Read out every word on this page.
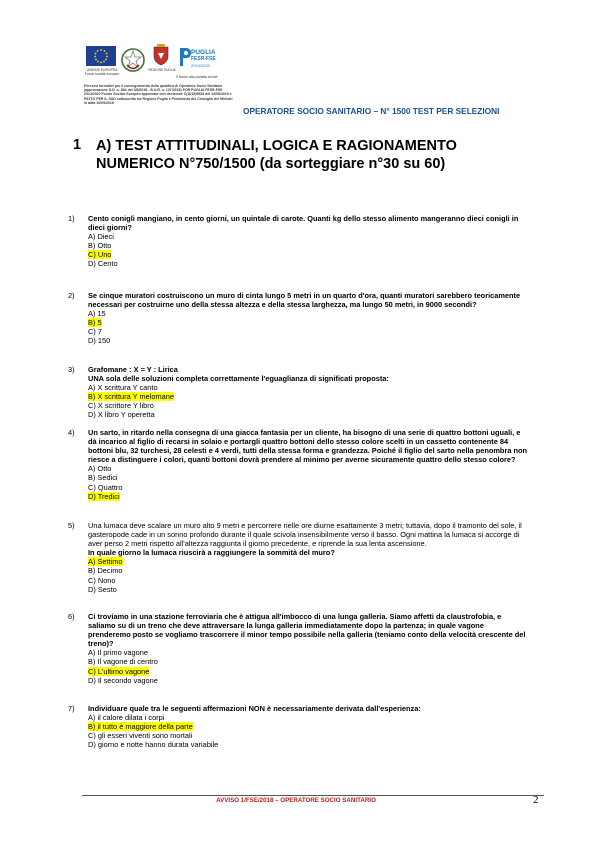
UNIONE EUROPEA Fondo sociale europeo
REGIONE PUGLIA
PUGLIA
FESR-FSE
2014/2020
Il futuro alla portata di tutti
Percorsi formativi per il conseguimento della qualifica di Operatore Socio Sanitario (approvazione D.D. n. 864 del 3/8/2018 - B.U.R. n. 107/2018) POR PUGLIA FESR-FSE 2014/2020 Fondo Sociale Europeo approvato con decisione C(2015)5854 del 13/08/2015 e PATTO PER IL SUD sottoscritto tra Regione Puglia e Presidenza del Consiglio dei Ministri in data 10/09/2016
OPERATORE SOCIO SANITARIO – N° 1500 TEST PER SELEZIONI
1 A) TEST ATTITUDINALI, LOGICA E RAGIONAMENTO NUMERICO N°750/1500 (da sorteggiare n°30 su 60)
1)	Cento conigli mangiano, in cento giorni, un quintale di carote. Quanti kg dello stesso alimento mangeranno dieci conigli in dieci giorni?
A) Dieci
B) Otto
C) Uno
D) Cento
2)	Se cinque muratori costruiscono un muro di cinta lungo 5 metri in un quarto d'ora, quanti muratori sarebbero teoricamente necessari per costruirne uno della stessa altezza e della stessa larghezza, ma lungo 50 metri, in 9000 secondi?
A) 15
B) 5
C) 7
D) 150
3)	Grafomane : X = Y : Lirica
UNA sola delle soluzioni completa correttamente l'eguaglianza di significati proposta:
A) X scrittura Y canto
B) X scrittura Y melomane
C) X scrittore Y libro
D) X libro Y operetta
4)	Un sarto, in ritardo nella consegna di una giacca fantasia per un cliente, ha bisogno di una serie di quattro bottoni uguali, e dà incarico al figlio di recarsi in solaio e portargli quattro bottoni dello stesso colore scelti in un cassetto contenente 84 bottoni blu, 32 turchesi, 28 celesti e 4 verdi, tutti della stessa forma e grandezza. Poiché il figlio del sarto nella penombra non riesce a distinguere i colori, quanti bottoni dovrà prendere al minimo per averne sicuramente quattro dello stesso colore?
A) Otto
B) Sedici
C) Quattro
D) Tredici
5)	Una lumaca deve scalare un muro alto 9 metri e percorrere nelle ore diurne esattamente 3 metri; tuttavia, dopo il tramonto del sole, il gasteropode cade in un sonno profondo durante il quale scivola insensibilmente verso il basso. Ogni mattina la lumaca si accorge di aver perso 2 metri rispetto all'altezza raggiunta il giorno precedente, e riprende la sua lenta ascensione.
In quale giorno la lumaca riuscirà a raggiungere la sommità del muro?
A) Settimo
B) Decimo
C) Nono
D) Sesto
6)	Ci troviamo in una stazione ferroviaria che è attigua all'imbocco di una lunga galleria. Siamo affetti da claustrofobia, e saliamo su di un treno che deve attraversare la lunga galleria immediatamente dopo la partenza; in quale vagone prenderemo posto se vogliamo trascorrere il minor tempo possibile nella galleria (teniamo conto della velocità crescente del treno)?
A) Il primo vagone
B) Il vagone di centro
C) L'ultimo vagone
D) Il secondo vagone
7)	Individuare quale tra le seguenti affermazioni NON è necessariamente derivata dall'esperienza:
A) il calore dilata i corpi
B) il tutto è maggiore della parte
C) gli esseri viventi sono mortali
D) giorno e notte hanno durata variabile
AVVISO 1/FSE/2018 – OPERATORE SOCIO SANITARIO	2
